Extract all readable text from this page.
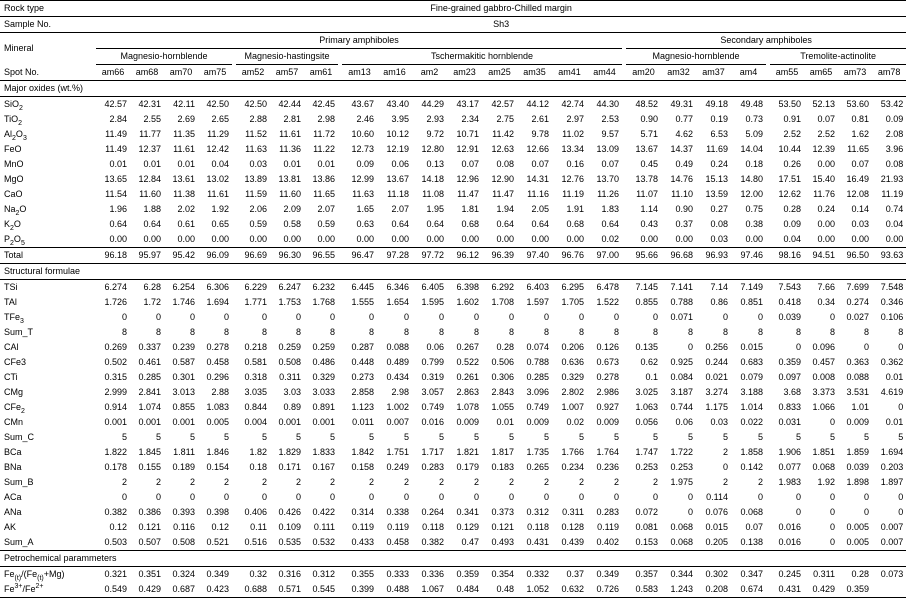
Rock type	Fine-grained gabbro-Chilled margin																										
Sample No.	Sh3																										
Mineral	Primary amphiboles																		Secondary amphiboles								
	Magnesio-hornblende					Magnesio-hastingsite				Tschermakitic hornblende									Magnesio-hornblende					Tremolite-actinolite			
Spot No.	am66	am68	am70	am75		am52	am57	am61		am13	am16	am2	am23	am25	am35	am41	am44		am20	am32	am37	am4		am55	am65	am73	am78
Major oxides (wt.%)																											
SiO$_2$	42.57	42.31	42.11	42.50		42.50	42.44	42.45		43.67	43.40	44.29	43.17	42.57	44.12	42.74	44.30		48.52	49.31	49.18	49.48		53.50	52.13	53.60	53.42
TiO$_2$	2.84	2.55	2.69	2.65		2.88	2.81	2.98		2.46	3.95	2.93	2.34	2.75	2.61	2.97	2.53		0.90	0.77	0.19	0.73		0.91	0.07	0.81	0.09
$Al_2O_3$	11.49	11.77	11.35	11.29		11.52	11.61	11.72		10.60	10.12	9.72	10.71	11.42	9.78	11.02	9.57		5.71	4.62	6.53	5.09		2.52	2.52	1.62	2.08
FeO	11.49	12.37	11.61	12.42		11.63	11.36	11.22		12.73	12.19	12.80	12.91	12.63	12.66	13.34	13.09		13.67	14.37	11.69	14.04		10.44	12.39	11.65	3.96
MnO	0.01	0.01	0.01	0.04		0.03	0.01	0.01		0.09	0.06	0.13	0.07	0.08	0.07	0.16	0.07		0.45	0.49	0.24	0.18		0.26	0.00	0.07	0.08
MgO	13.65	12.84	13.61	13.02		13.89	13.81	13.86		12.99	13.67	14.18	12.96	12.90	14.31	12.76	13.70		13.78	14.76	15.13	14.80		17.51	15.40	16.49	21.93
CaO	11.54	11.60	11.38	11.61		11.59	11.60	11.65		11.63	11.18	11.08	11.47	11.47	11.16	11.19	11.26		11.07	11.10	13.59	12.00		12.62	11.76	12.08	11.19
$Na_2O$	1.96	1.88	2.02	1.92		2.06	2.09	2.07		1.65	2.07	1.95	1.81	1.94	2.05	1.91	1.83		1.14	0.90	0.27	0.75		0.28	0.24	0.14	0.74
$K_2O$	0.64	0.64	0.61	0.65		0.59	0.58	0.59		0.63	0.64	0.64	0.68	0.64	0.64	0.68	0.64		0.43	0.37	0.08	0.38		0.09	0.00	0.03	0.04
$P_2O_5$	0.00	0.00	0.00	0.00		0.00	0.00	0.00		0.00	0.00	0.00	0.00	0.00	0.00	0.00	0.02		0.00	0.00	0.03	0.00		0.04	0.00	0.00	0.00
Total	96.18	95.97	95.42	96.09		96.69	96.30	96.55		96.47	97.28	97.72	96.12	96.39	97.40	96.76	97.00		95.66	96.68	96.93	97.46		98.16	94.51	96.50	93.63
Structural formulae																											
TSi	6.274	6.28	6.254	6.306		6.229	6.247	6.232		6.445	6.346	6.405	6.398	6.292	6.403	6.295	6.478		7.145	7.141	7.14	7.149		7.543	7.66	7.699	7.548
TAl	1.726	1.72	1.746	1.694		1.771	1.753	1.768		1.555	1.654	1.595	1.602	1.708	1.597	1.705	1.522		0.855	0.788	0.86	0.851		0.418	0.34	0.274	0.346
TFe$_3$	0	0	0	0		0	0	0		0	0	0	0	0	0	0	0		0	0.071	0	0		0.039	0	0.027	0.106
Sum_T	8	8	8	8		8	8	8		8	8	8	8	8	8	8	8		8	8	8	8		8	8	8	8
CAl	0.269	0.337	0.239	0.278		0.218	0.259	0.259		0.287	0.088	0.06	0.267	0.28	0.074	0.206	0.126		0.135	0	0.256	0.015		0	0.096	0	0
CFe3	0.502	0.461	0.587	0.458		0.581	0.508	0.486		0.448	0.489	0.799	0.522	0.506	0.788	0.636	0.673		0.62	0.925	0.244	0.683		0.359	0.457	0.363	0.362
CTi	0.315	0.285	0.301	0.296		0.318	0.311	0.329		0.273	0.434	0.319	0.261	0.306	0.285	0.329	0.278		0.1	0.084	0.021	0.079		0.097	0.008	0.088	0.01
CMg	2.999	2.841	3.013	2.88		3.035	3.03	3.033		2.858	2.98	3.057	2.863	2.843	3.096	2.802	2.986		3.025	3.187	3.274	3.188		3.68	3.373	3.531	4.619
CFe$_2$	0.914	1.074	0.855	1.083		0.844	0.89	0.891		1.123	1.002	0.749	1.078	1.055	0.749	1.007	0.927		1.063	0.744	1.175	1.014		0.833	1.066	1.01	0
CMn	0.001	0.001	0.001	0.005		0.004	0.001	0.001		0.011	0.007	0.016	0.009	0.01	0.009	0.02	0.009		0.056	0.06	0.03	0.022		0.031	0	0.009	0.01
Sum_C	5	5	5	5		5	5	5		5	5	5	5	5	5	5	5		5	5	5	5		5	5	5	5
BCa	1.822	1.845	1.811	1.846		1.82	1.829	1.833		1.842	1.751	1.717	1.821	1.817	1.735	1.766	1.764		1.747	1.722	2	1.858		1.906	1.851	1.859	1.694
BNa	0.178	0.155	0.189	0.154		0.18	0.171	0.167		0.158	0.249	0.283	0.179	0.183	0.265	0.234	0.236		0.253	0.253	0	0.142		0.077	0.068	0.039	0.203
Sum_B	2	2	2	2		2	2	2		2	2	2	2	2	2	2	2		2	1.975	2	2		1.983	1.92	1.898	1.897
ACa	0	0	0	0		0	0	0		0	0	0	0	0	0	0	0		0	0	0.114	0		0	0	0	0
ANa	0.382	0.386	0.393	0.398		0.406	0.426	0.422		0.314	0.338	0.264	0.341	0.373	0.312	0.311	0.283		0.072	0	0.076	0.068		0	0	0	0
AK	0.12	0.121	0.116	0.12		0.11	0.109	0.111		0.119	0.119	0.118	0.129	0.121	0.118	0.128	0.119		0.081	0.068	0.015	0.07		0.016	0	0.005	0.007
Sum_A	0.503	0.507	0.508	0.521		0.516	0.535	0.532		0.433	0.458	0.382	0.47	0.493	0.431	0.439	0.402		0.153	0.068	0.205	0.138		0.016	0	0.005	0.007
Petrochemical parammeters																											
$Fe_{(t)}/(Fe_{(t)}+Mg)$	0.321	0.351	0.324	0.349		0.32	0.316	0.312		0.355	0.333	0.336	0.359	0.354	0.332	0.37	0.349		0.357	0.344	0.302	0.347		0.245	0.311	0.28	0.073
$Fe^{3+}/Fe^{2+}$	0.549	0.429	0.687	0.423		0.688	0.571	0.545		0.399	0.488	1.067	0.484	0.48	1.052	0.632	0.726		0.583	1.243	0.208	0.674		0.431	0.429	0.359	
